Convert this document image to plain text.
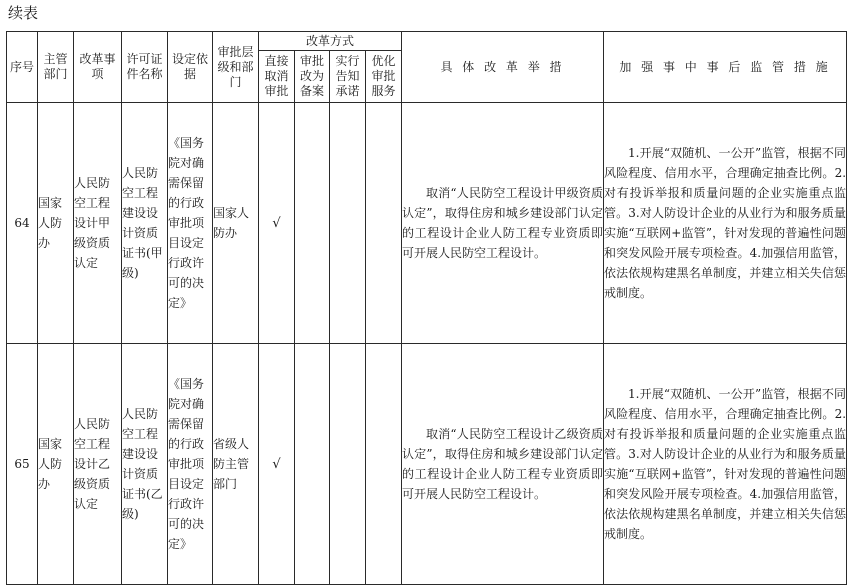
续表
序号	主管部门	改革事项	许可证件名称	设定依据	审批层级和部门	改革方式				具 体 改 革 举 措	加 强 事 中 事 后 监 管 措 施
						直接取消审批	审批改为备案	实行告知承诺	优化审批服务		
64	国家人防办	人民防空工程设计甲级资质认定	人民防空工程建设设计资质证书(甲级)	《国务院对确需保留的行政审批项目设定行政许可的决定》	国家人防办	√				取消“人民防空工程设计甲级资质认定”，取得住房和城乡建设部门认定的工程设计企业人防工程专业资质即可开展人民防空工程设计。	1.开展“双随机、一公开”监管，根据不同风险程度、信用水平，合理确定抽查比例。2.对有投诉举报和质量问题的企业实施重点监管。3.对人防设计企业的从业行为和服务质量实施“互联网+监管”，针对发现的普遍性问题和突发风险开展专项检查。4.加强信用监管，依法依规构建黑名单制度，并建立相关失信惩戒制度。
65	国家人防办	人民防空工程设计乙级资质认定	人民防空工程建设设计资质证书(乙级)	《国务院对确需保留的行政审批项目设定行政许可的决定》	省级人防主管部门	√				取消“人民防空工程设计乙级资质认定”，取得住房和城乡建设部门认定的工程设计企业人防工程专业资质即可开展人民防空工程设计。	1.开展“双随机、一公开”监管，根据不同风险程度、信用水平，合理确定抽查比例。2.对有投诉举报和质量问题的企业实施重点监管。3.对人防设计企业的从业行为和服务质量实施“互联网+监管”，针对发现的普遍性问题和突发风险开展专项检查。4.加强信用监管，依法依规构建黑名单制度，并建立相关失信惩戒制度。
